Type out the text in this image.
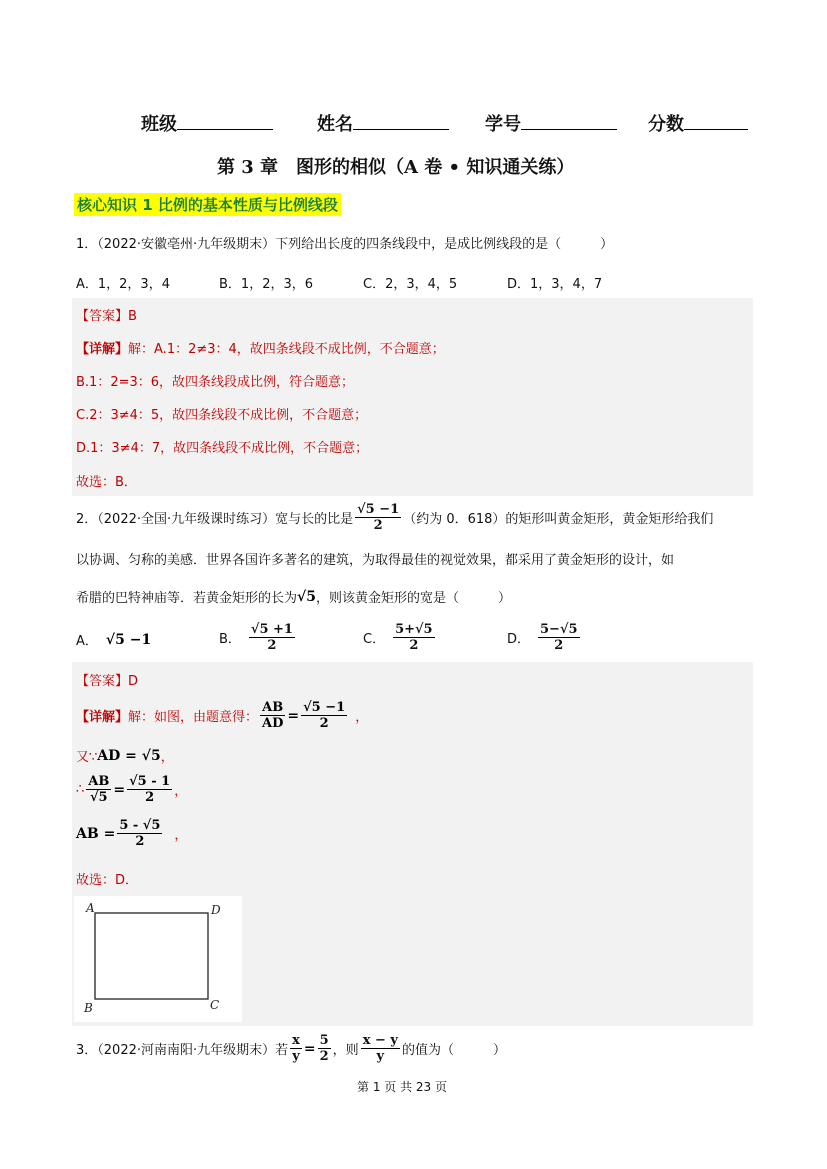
班级	姓名	学号	分数
第 3 章　图形的相似（A 卷 • 知识通关练）
核心知识 1 比例的基本性质与比例线段
1．（2022·安徽亳州·九年级期末）下列给出长度的四条线段中，是成比例线段的是（　　　）
A．1，2，3，4	B．1，2，3，6	C．2，3，4，5	D．1，3，4，7
【答案】B
【详解】解：A.1：2≠3：4，故四条线段不成比例，不合题意；
B.1：2=3：6，故四条线段成比例，符合题意；
C.2：3≠4：5，故四条线段不成比例，不合题意；
D.1：3≠4：7，故四条线段不成比例，不合题意；
故选：B．
2．（2022·全国·九年级课时练习）宽与长的比是 $\frac{√5 -1}{2}$ （约为 0．618）的矩形叫黄金矩形，黄金矩形给我们
以协调、匀称的美感．世界各国许多著名的建筑，为取得最佳的视觉效果，都采用了黄金矩形的设计，如
希腊的巴特神庙等．若黄金矩形的长为 √5 ，则该黄金矩形的宽是（　　　）
A． √5 −1	B． $\frac{√5 +1}{2}$	C． $\frac{5+√5}{2}$	D． $\frac{5-√5}{2}$
【答案】D
【详解】 解：如图，由题意得： $\frac{AB}{AD} = \frac{√5 -1}{2}$ ，
又∵ AD = √5 ，
∴ $\frac{AB}{√5} = \frac{√5 - 1}{2}$ ，
AB = $\frac{5 - √5}{2}$ ，
故选：D．
A	D
B	C
3．（2022·河南南阳·九年级期末）若 $\frac{x}{y} = \frac{5}{2}$ ，则 $\frac{x - y}{y}$ 的值为（　　　）
第 1 页 共 23 页
